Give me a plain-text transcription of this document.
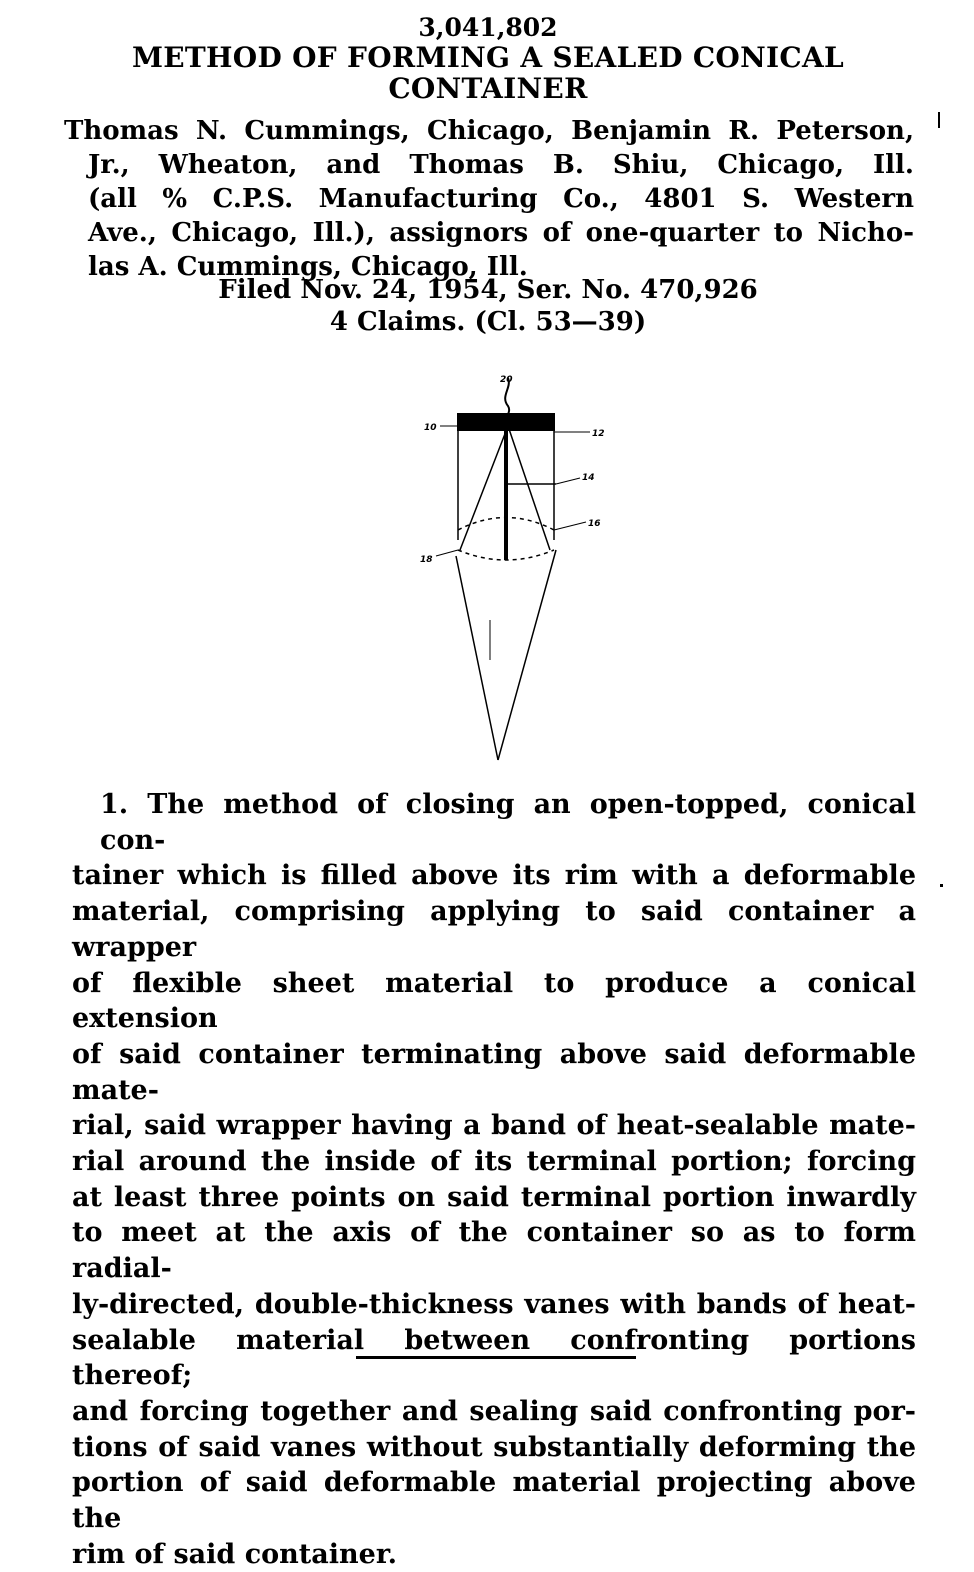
3,041,802

METHOD OF FORMING A SEALED CONICAL

CONTAINER

Thomas N. Cummings, Chicago, Benjamin R. Peterson,
Jr., Wheaton, and Thomas B. Shiu, Chicago, Ill.
(all % C.P.S. Manufacturing Co., 4801 S. Western
Ave., Chicago, Ill.), assignors of one-quarter to Nicho-
las A. Cummings, Chicago, Ill.
Filed Nov. 24, 1954, Ser. No. 470,926
4 Claims. (Cl. 53—39)
20
10
12
14
16
18
1. The method of closing an open-topped, conical con-
tainer which is filled above its rim with a deformable
material, comprising applying to said container a wrapper
of flexible sheet material to produce a conical extension
of said container terminating above said deformable mate-
rial, said wrapper having a band of heat-sealable mate-
rial around the inside of its terminal portion; forcing
at least three points on said terminal portion inwardly
to meet at the axis of the container so as to form radial-
ly-directed, double-thickness vanes with bands of heat-
sealable material between confronting portions thereof;
and forcing together and sealing said confronting por-
tions of said vanes without substantially deforming the
portion of said deformable material projecting above the
rim of said container.
